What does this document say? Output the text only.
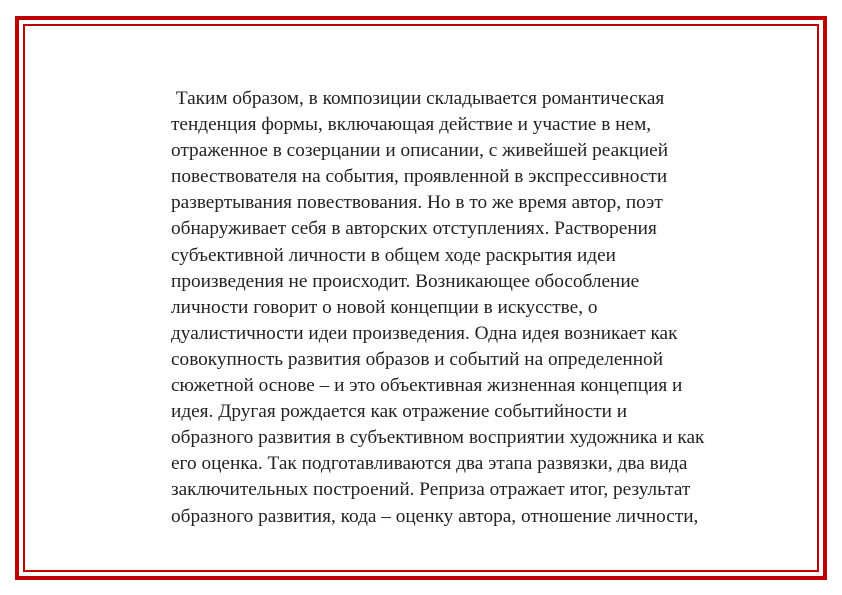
Таким образом, в композиции складывается романтическая
тенденция формы, включающая действие и участие в нем,
отраженное в созерцании и описании, с живейшей реакцией
повествователя на события, проявленной в экспрессивности
развертывания повествования. Но в то же время автор, поэт
обнаруживает себя в авторских отступлениях. Растворения
субъективной личности в общем ходе раскрытия идеи
произведения не происходит. Возникающее обособление
личности говорит о новой концепции в искусстве, о
дуалистичности идеи произведения. Одна идея возникает как
совокупность развития образов и событий на определенной
сюжетной основе – и это объективная жизненная концепция и
идея. Другая рождается как отражение событийности и
образного развития в субъективном восприятии художника и как
его оценка. Так подготавливаются два этапа развязки, два вида
заключительных построений. Реприза отражает итог, результат
образного развития, кода – оценку автора, отношение личности,
